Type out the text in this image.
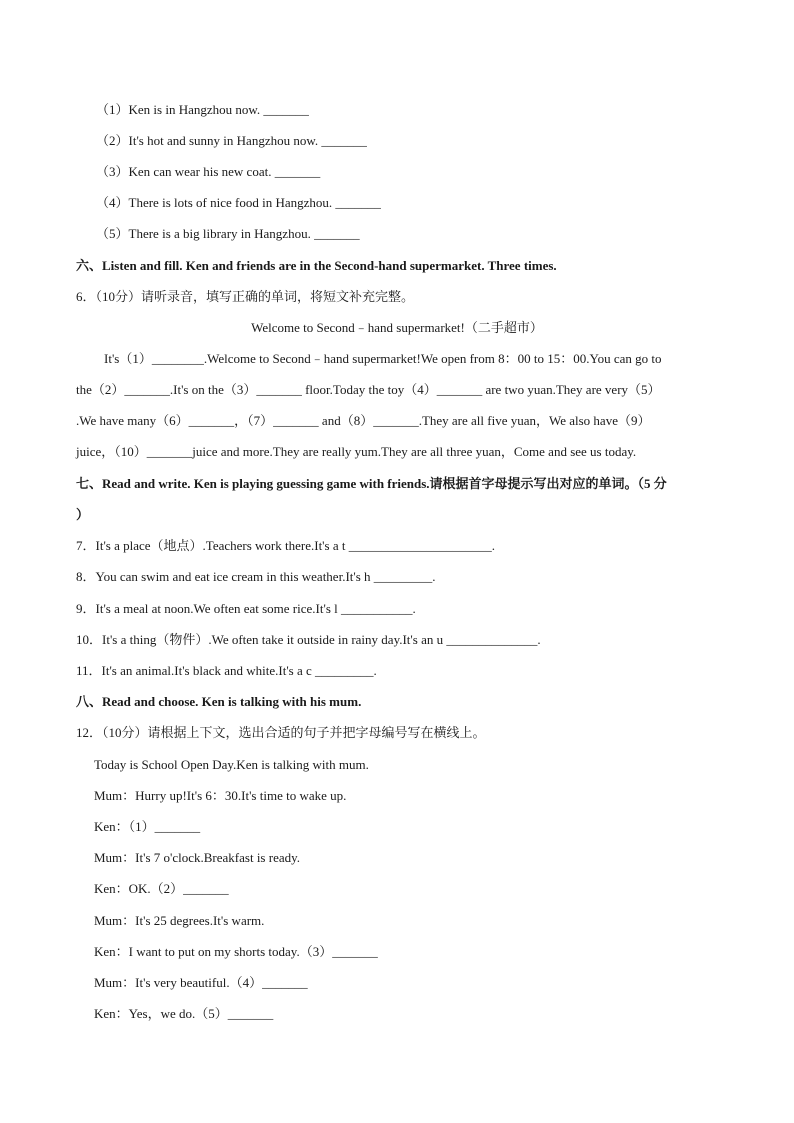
（1）Ken is in Hangzhou now. _______
（2）It's hot and sunny in Hangzhou now. _______
（3）Ken can wear his new coat. _______
（4）There is lots of nice food in Hangzhou. _______
（5）There is a big library in Hangzhou. _______
六、Listen and fill. Ken and friends are in the Second-hand supermarket. Three times.
6．（10分）请听录音，填写正确的单词，将短文补充完整。
Welcome to Second﹣hand supermarket!（二手超市）
It's（1）________.Welcome to Second﹣hand supermarket!We open from 8：00 to 15：00.You can go to
the（2）_______.It's on the（3）_______ floor.Today the toy（4）_______ are two yuan.They are very（5）
.We have many（6）_______，（7）_______ and（8）_______.They are all five yuan，We also have（9）
juice，（10）_______juice and more.They are really yum.They are all three yuan，Come and see us today.
七、Read and write. Ken is playing guessing game with friends.请根据首字母提示写出对应的单词。（5 分
）
7．It's a place（地点）.Teachers work there.It's a t ______________________.
8．You can swim and eat ice cream in this weather.It's h _________.
9．It's a meal at noon.We often eat some rice.It's l ___________.
10．It's a thing（物件）.We often take it outside in rainy day.It's an u ______________.
11．It's an animal.It's black and white.It's a c _________.
八、Read and choose. Ken is talking with his mum.
12．（10分）请根据上下文，选出合适的句子并把字母编号写在横线上。
Today is School Open Day.Ken is talking with mum.
Mum：Hurry up!It's 6：30.It's time to wake up.
Ken：（1）_______
Mum：It's 7 o'clock.Breakfast is ready.
Ken：OK.（2）_______
Mum：It's 25 degrees.It's warm.
Ken：I want to put on my shorts today.（3）_______
Mum：It's very beautiful.（4）_______
Ken：Yes，we do.（5）_______
